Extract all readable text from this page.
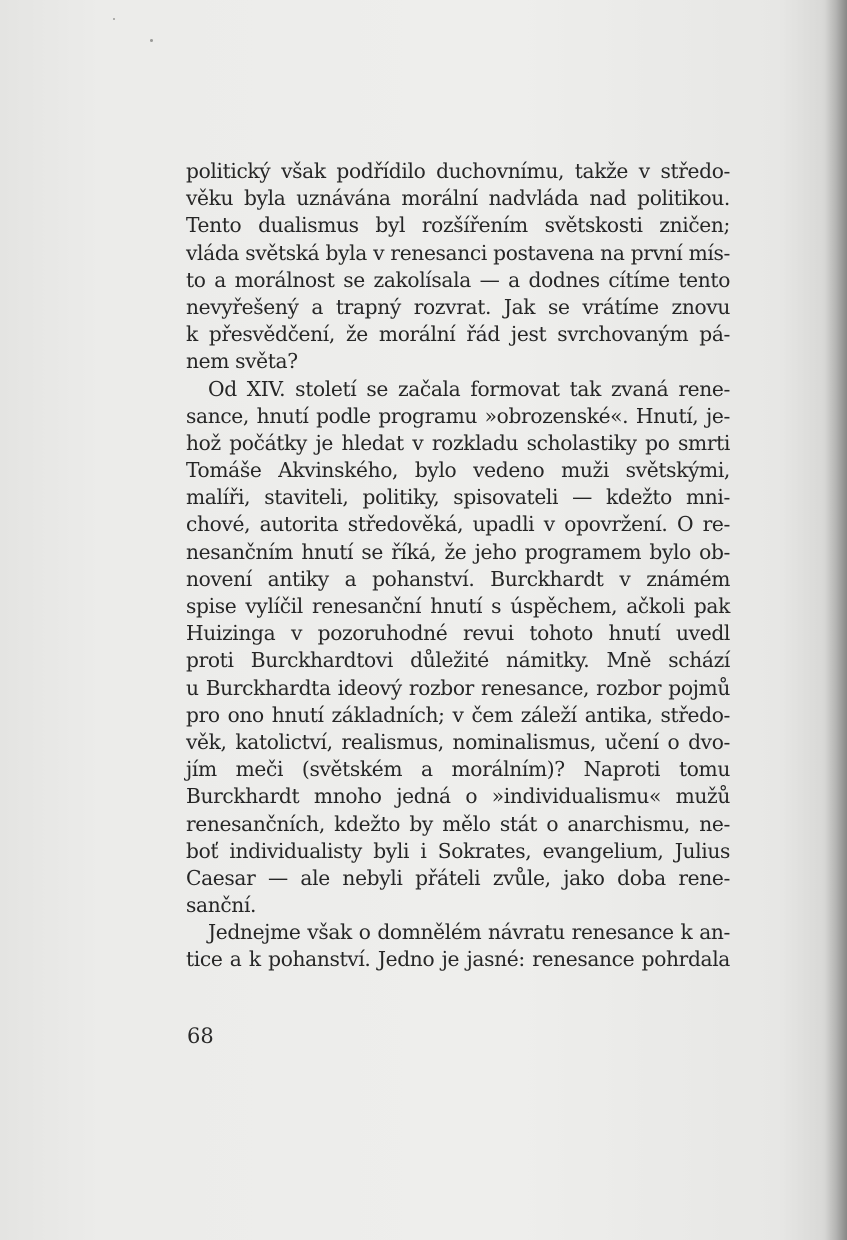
politický však podřídilo duchovnímu, takže v středo-
věku byla uznávána morální nadvláda nad politikou.
Tento dualismus byl rozšířením světskosti zničen;
vláda světská byla v renesanci postavena na první mís-
to a morálnost se zakolísala — a dodnes cítíme tento
nevyřešený a trapný rozvrat. Jak se vrátíme znovu
k přesvědčení, že morální řád jest svrchovaným pá-
nem světa?
Od XIV. století se začala formovat tak zvaná rene-
sance, hnutí podle programu »obrozenské«. Hnutí, je-
hož počátky je hledat v rozkladu scholastiky po smrti
Tomáše Akvinského, bylo vedeno muži světskými,
malíři, staviteli, politiky, spisovateli — kdežto mni-
chové, autorita středověká, upadli v opovržení. O re-
nesančním hnutí se říká, že jeho programem bylo ob-
novení antiky a pohanství. Burckhardt v známém
spise vylíčil renesanční hnutí s úspěchem, ačkoli pak
Huizinga v pozoruhodné revui tohoto hnutí uvedl
proti Burckhardtovi důležité námitky. Mně schází
u Burckhardta ideový rozbor renesance, rozbor pojmů
pro ono hnutí základních; v čem záleží antika, středo-
věk, katolictví, realismus, nominalismus, učení o dvo-
jím meči (světském a morálním)? Naproti tomu
Burckhardt mnoho jedná o »individualismu« mužů
renesančních, kdežto by mělo stát o anarchismu, ne-
boť individualisty byli i Sokrates, evangelium, Julius
Caesar — ale nebyli přáteli zvůle, jako doba rene-
sanční.
Jednejme však o domnělém návratu renesance k an-
tice a k pohanství. Jedno je jasné: renesance pohrdala
68
